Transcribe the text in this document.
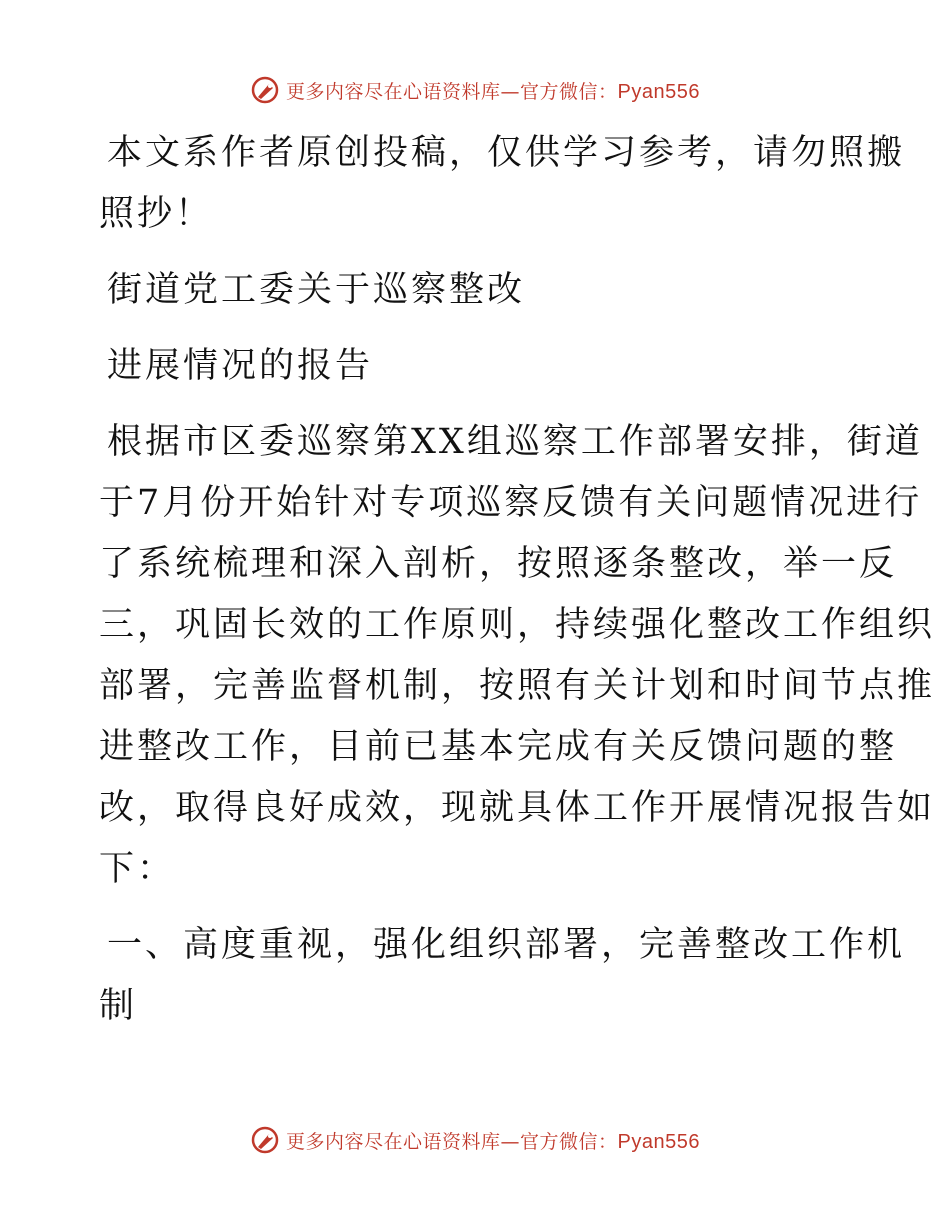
更多内容尽在心语资料库—官方微信：Pyan556

本文系作者原创投稿，仅供学习参考，请勿照搬
照抄！

街道党工委关于巡察整改

进展情况的报告

根据市区委巡察第XX组巡察工作部署安排，街道
于7月份开始针对专项巡察反馈有关问题情况进行
了系统梳理和深入剖析，按照逐条整改，举一反
三，巩固长效的工作原则，持续强化整改工作组织
部署，完善监督机制，按照有关计划和时间节点推
进整改工作，目前已基本完成有关反馈问题的整
改，取得良好成效，现就具体工作开展情况报告如
下：

一、高度重视，强化组织部署，完善整改工作机
制

更多内容尽在心语资料库—官方微信：Pyan556
